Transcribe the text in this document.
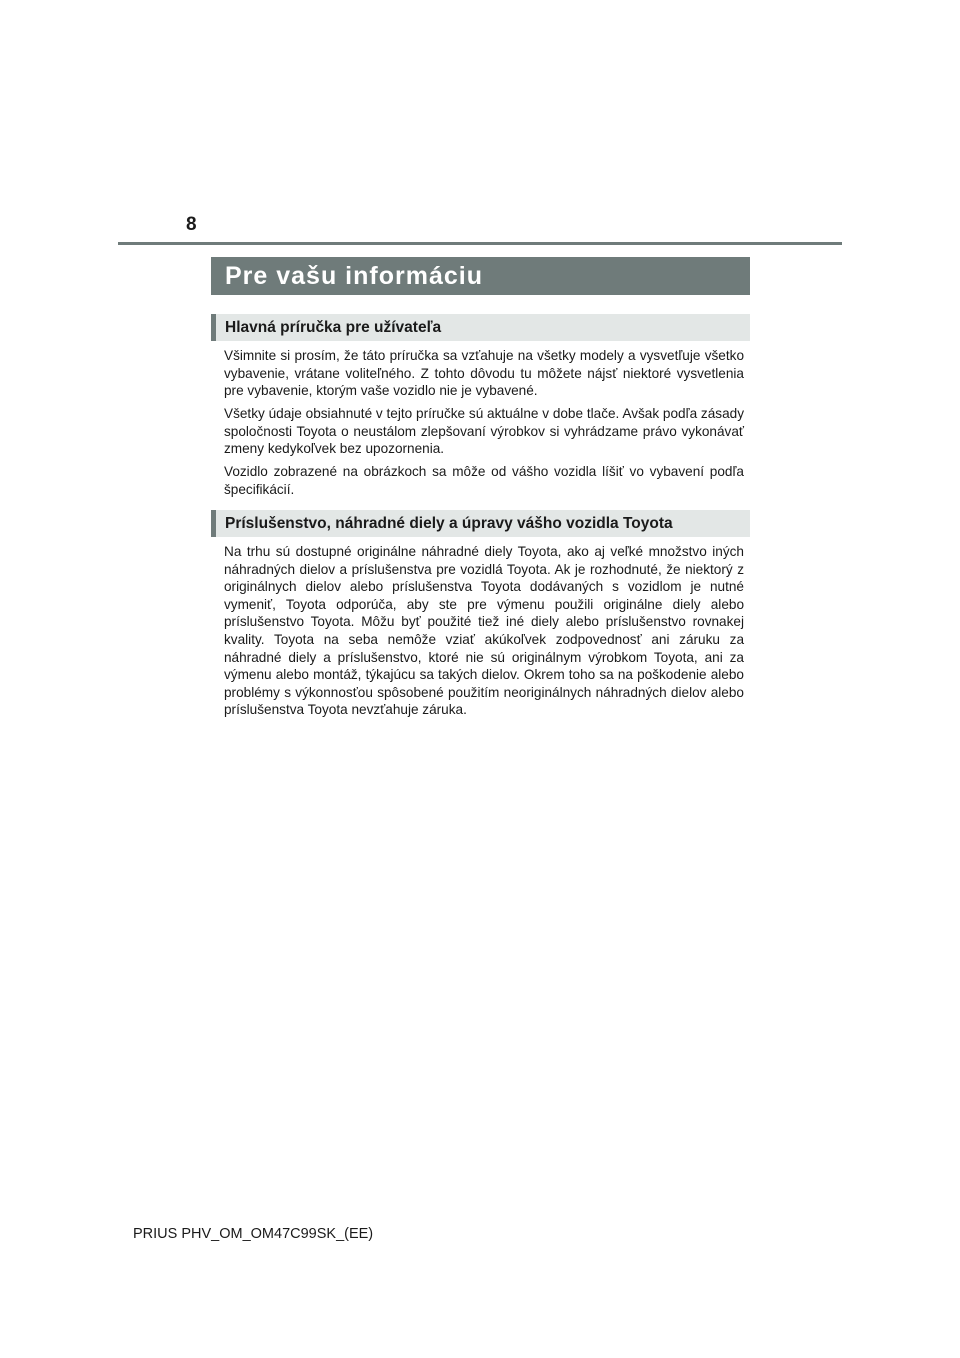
8
Pre vašu informáciu
Hlavná príručka pre užívateľa

Všimnite si prosím, že táto príručka sa vzťahuje na všetky modely a vysvetľuje všetko vybavenie, vrátane voliteľného. Z tohto dôvodu tu môžete nájsť niektoré vysvetlenia pre vybavenie, ktorým vaše vozidlo nie je vybavené.

Všetky údaje obsiahnuté v tejto príručke sú aktuálne v dobe tlače. Avšak podľa zásady spoločnosti Toyota o neustálom zlepšovaní výrobkov si vyhrádzame právo vykonávať zmeny kedykoľvek bez upozornenia.

Vozidlo zobrazené na obrázkoch sa môže od vášho vozidla líšiť vo vybavení podľa špecifikácií.

Príslušenstvo, náhradné diely a úpravy vášho vozidla Toyota

Na trhu sú dostupné originálne náhradné diely Toyota, ako aj veľké množstvo iných náhradných dielov a príslušenstva pre vozidlá Toyota. Ak je rozhodnuté, že niektorý z originálnych dielov alebo príslušenstva Toyota dodávaných s vozidlom je nutné vymeniť, Toyota odporúča, aby ste pre výmenu použili originálne diely alebo príslušenstvo Toyota. Môžu byť použité tiež iné diely alebo príslušenstvo rovnakej kvality. Toyota na seba nemôže vziať akúkoľvek zodpovednosť ani záruku za náhradné diely a príslušenstvo, ktoré nie sú originálnym výrobkom Toyota, ani za výmenu alebo montáž, týkajúcu sa takých dielov. Okrem toho sa na poškodenie alebo problémy s výkonnosťou spôsobené použitím neoriginálnych náhradných dielov alebo príslušenstva Toyota nevzťahuje záruka.

PRIUS PHV_OM_OM47C99SK_(EE)
